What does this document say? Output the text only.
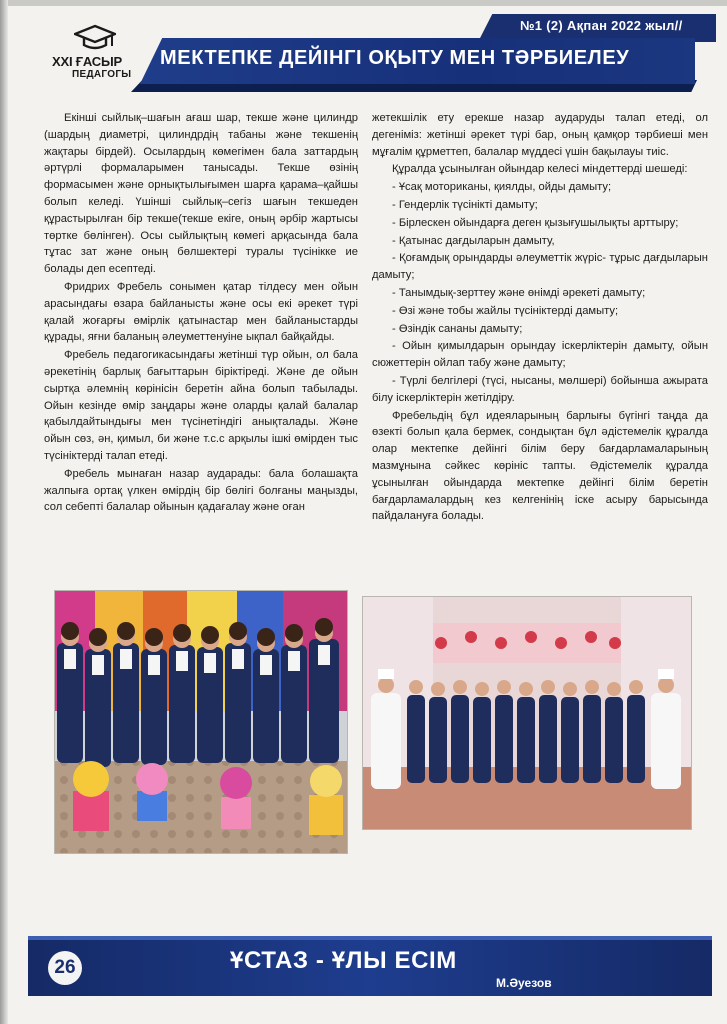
№1 (2) Ақпан 2022 жыл//
XXI ҒАСЫР
ПЕДАГОГЫ
МЕКТЕПКЕ ДЕЙІНГІ ОҚЫТУ МЕН ТӘРБИЕЛЕУ

Екінші сыйлық–шағын ағаш шар, текше және цилиндр (шардың диаметрі, цилиндрдің табаны және текшенің жақтары бірдей). Осылардың көмегімен бала заттардың әртүрлі формаларымен танысады. Текше өзінің формасымен және орнықтылығымен шарға қарама–қайшы болып келеді. Үшінші сыйлық–сегіз шағын текшеден құрастырылған бір текше(текше екіге, оның әрбір жартысы төртке бөлінген). Осы сыйлықтың көмегі арқасында бала тұтас зат және оның бөлшектері туралы түсінікке ие болады деп есептеді.

Фридрих Фребель сонымен қатар тілдесу мен ойын арасындағы өзара байланысты және осы екі әрекет түрі қалай жоғарғы өмірлік қатынастар мен байланыстарды құрады, яғни баланың әлеуметтенуіне ықпал байқайды.

Фребель педагогикасындағы жетінші түр ойын, ол бала әрекетінің барлық бағыттарын біріктіреді. Және де ойын сыртқа әлемнің көрінісін беретін айна болып табылады. Ойын кезінде өмір заңдары және оларды қалай балалар қабылдайтындығы мен түсінетіндігі анықталады. Және ойын сөз, ән, қимыл, би және т.с.с арқылы ішкі өмірден тыс түсініктерді талап етеді.

Фребель мынаған назар аударады: бала болашақта жалпыға ортақ үлкен өмірдің бір бөлігі болғаны маңызды, сол себепті балалар ойынын қадағалау және оған

жетекшілік ету ерекше назар аударуды талап етеді, ол дегеніміз: жетінші әрекет түрі бар, оның қамқор тәрбиеші мен мұғалім құрметтеп, балалар мүддесі үшін бақылауы тиіс.

Құралда ұсынылған ойындар келесі міндеттерді шешеді:

- Ұсақ моториканы, қиялды, ойды дамыту;

- Гендерлік түсінікті дамыту;

- Бірлескен ойындарға деген қызығушылықты арттыру;

- Қатынас дағдыларын дамыту,

- Қоғамдық орындарды әлеуметтік жүріс- тұрыс дағдыларын дамыту;

- Танымдық-зерттеу және өнімді әрекеті дамыту;

- Өзі және тобы жайлы түсініктерді дамыту;

- Өзіндік сананы дамыту;

- Ойын қимылдарын орындау іскерліктерін дамыту, ойын сюжеттерін ойлап табу және дамыту;

- Түрлі белгілері (түсі, нысаны, мөлшері) бойынша ажырата білу іскерліктерін жетілдіру.

Фребельдің бұл идеяларының барлығы бүгінгі таңда да өзекті болып қала бермек, сондықтан бұл әдістемелік құралда олар мектепке дейінгі білім беру бағдарламаларының мазмұнына сәйкес көрініс тапты. Әдістемелік құралда ұсынылған ойындарда мектепке дейінгі білім беретін бағдарламалардың кез келгенінің іске асыру барысында пайдалануға болады.

26	ҰСТАЗ - ҰЛЫ ЕСІМ
М.Әуезов
